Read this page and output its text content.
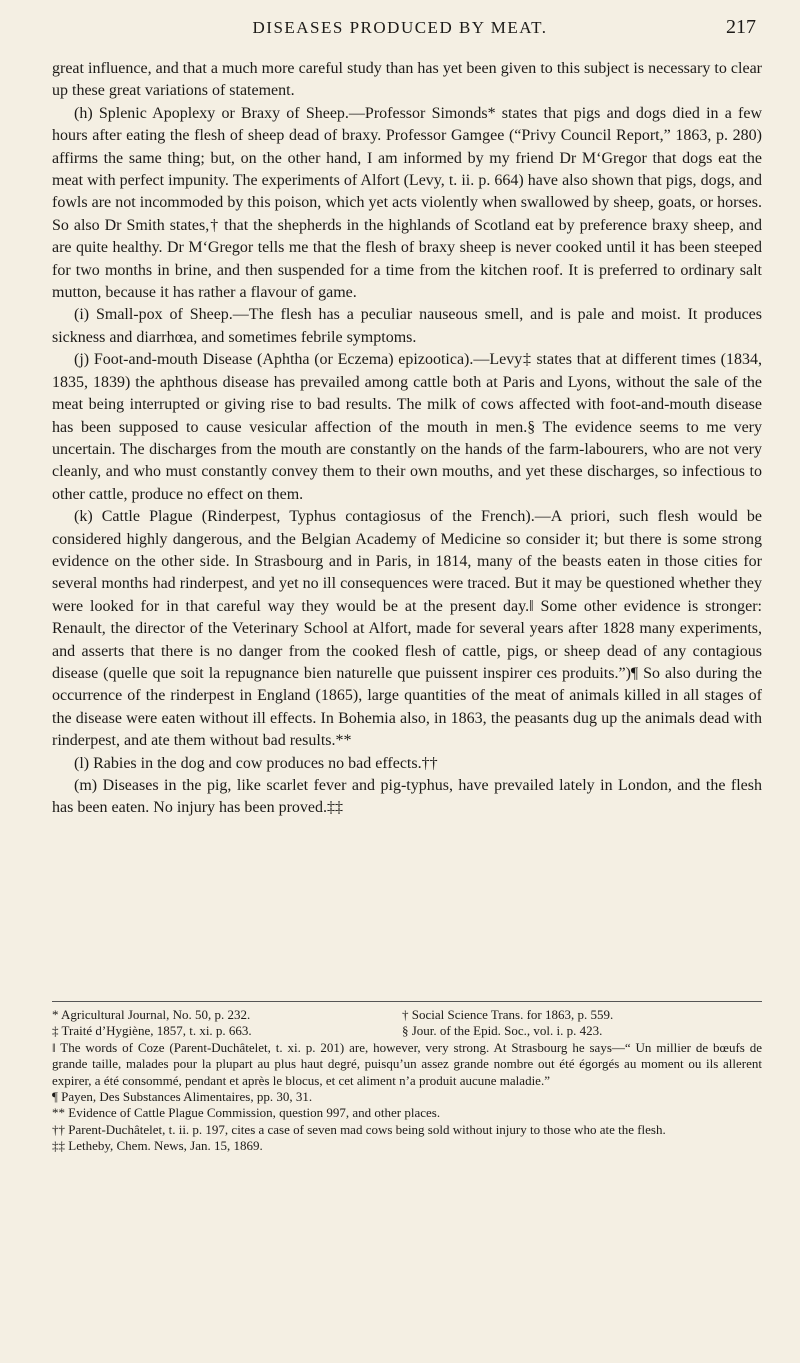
DISEASES PRODUCED BY MEAT.	217

great influence, and that a much more careful study than has yet been given to this subject is necessary to clear up these great variations of statement.

(h) Splenic Apoplexy or Braxy of Sheep.—Professor Simonds* states that pigs and dogs died in a few hours after eating the flesh of sheep dead of braxy. Professor Gamgee (“Privy Council Report,” 1863, p. 280) affirms the same thing; but, on the other hand, I am informed by my friend Dr M‘Gregor that dogs eat the meat with perfect impunity. The experiments of Alfort (Levy, t. ii. p. 664) have also shown that pigs, dogs, and fowls are not incommoded by this poison, which yet acts violently when swallowed by sheep, goats, or horses. So also Dr Smith states,† that the shepherds in the highlands of Scotland eat by preference braxy sheep, and are quite healthy. Dr M‘Gregor tells me that the flesh of braxy sheep is never cooked until it has been steeped for two months in brine, and then suspended for a time from the kitchen roof. It is preferred to ordinary salt mutton, because it has rather a flavour of game.

(i) Small-pox of Sheep.—The flesh has a peculiar nauseous smell, and is pale and moist. It produces sickness and diarrhœa, and sometimes febrile symptoms.

(j) Foot-and-mouth Disease (Aphtha (or Eczema) epizootica).—Levy‡ states that at different times (1834, 1835, 1839) the aphthous disease has prevailed among cattle both at Paris and Lyons, without the sale of the meat being interrupted or giving rise to bad results. The milk of cows affected with foot-and-mouth disease has been supposed to cause vesicular affection of the mouth in men.§ The evidence seems to me very uncertain. The discharges from the mouth are constantly on the hands of the farm-labourers, who are not very cleanly, and who must constantly convey them to their own mouths, and yet these discharges, so infectious to other cattle, produce no effect on them.

(k) Cattle Plague (Rinderpest, Typhus contagiosus of the French).—A priori, such flesh would be considered highly dangerous, and the Belgian Academy of Medicine so consider it; but there is some strong evidence on the other side. In Strasbourg and in Paris, in 1814, many of the beasts eaten in those cities for several months had rinderpest, and yet no ill consequences were traced. But it may be questioned whether they were looked for in that careful way they would be at the present day.‖ Some other evidence is stronger: Renault, the director of the Veterinary School at Alfort, made for several years after 1828 many experiments, and asserts that there is no danger from the cooked flesh of cattle, pigs, or sheep dead of any contagious disease (quelle que soit la repugnance bien naturelle que puissent inspirer ces produits.”)¶ So also during the occurrence of the rinderpest in England (1865), large quantities of the meat of animals killed in all stages of the disease were eaten without ill effects. In Bohemia also, in 1863, the peasants dug up the animals dead with rinderpest, and ate them without bad results.**

(l) Rabies in the dog and cow produces no bad effects.††

(m) Diseases in the pig, like scarlet fever and pig-typhus, have prevailed lately in London, and the flesh has been eaten. No injury has been proved.‡‡

* Agricultural Journal, No. 50, p. 232.	† Social Science Trans. for 1863, p. 559.
‡ Traité d’Hygiène, 1857, t. xi. p. 663.	§ Jour. of the Epid. Soc., vol. i. p. 423.
‖ The words of Coze (Parent-Duchâtelet, t. xi. p. 201) are, however, very strong. At Strasbourg he says—“ Un millier de bœufs de grande taille, malades pour la plupart au plus haut degré, puisqu’un assez grande nombre out été égorgés au moment ou ils allerent expirer, a été consommé, pendant et après le blocus, et cet aliment n’a produit aucune maladie.”
¶ Payen, Des Substances Alimentaires, pp. 30, 31.
** Evidence of Cattle Plague Commission, question 997, and other places.
†† Parent-Duchâtelet, t. ii. p. 197, cites a case of seven mad cows being sold without injury to those who ate the flesh.
‡‡ Letheby, Chem. News, Jan. 15, 1869.
